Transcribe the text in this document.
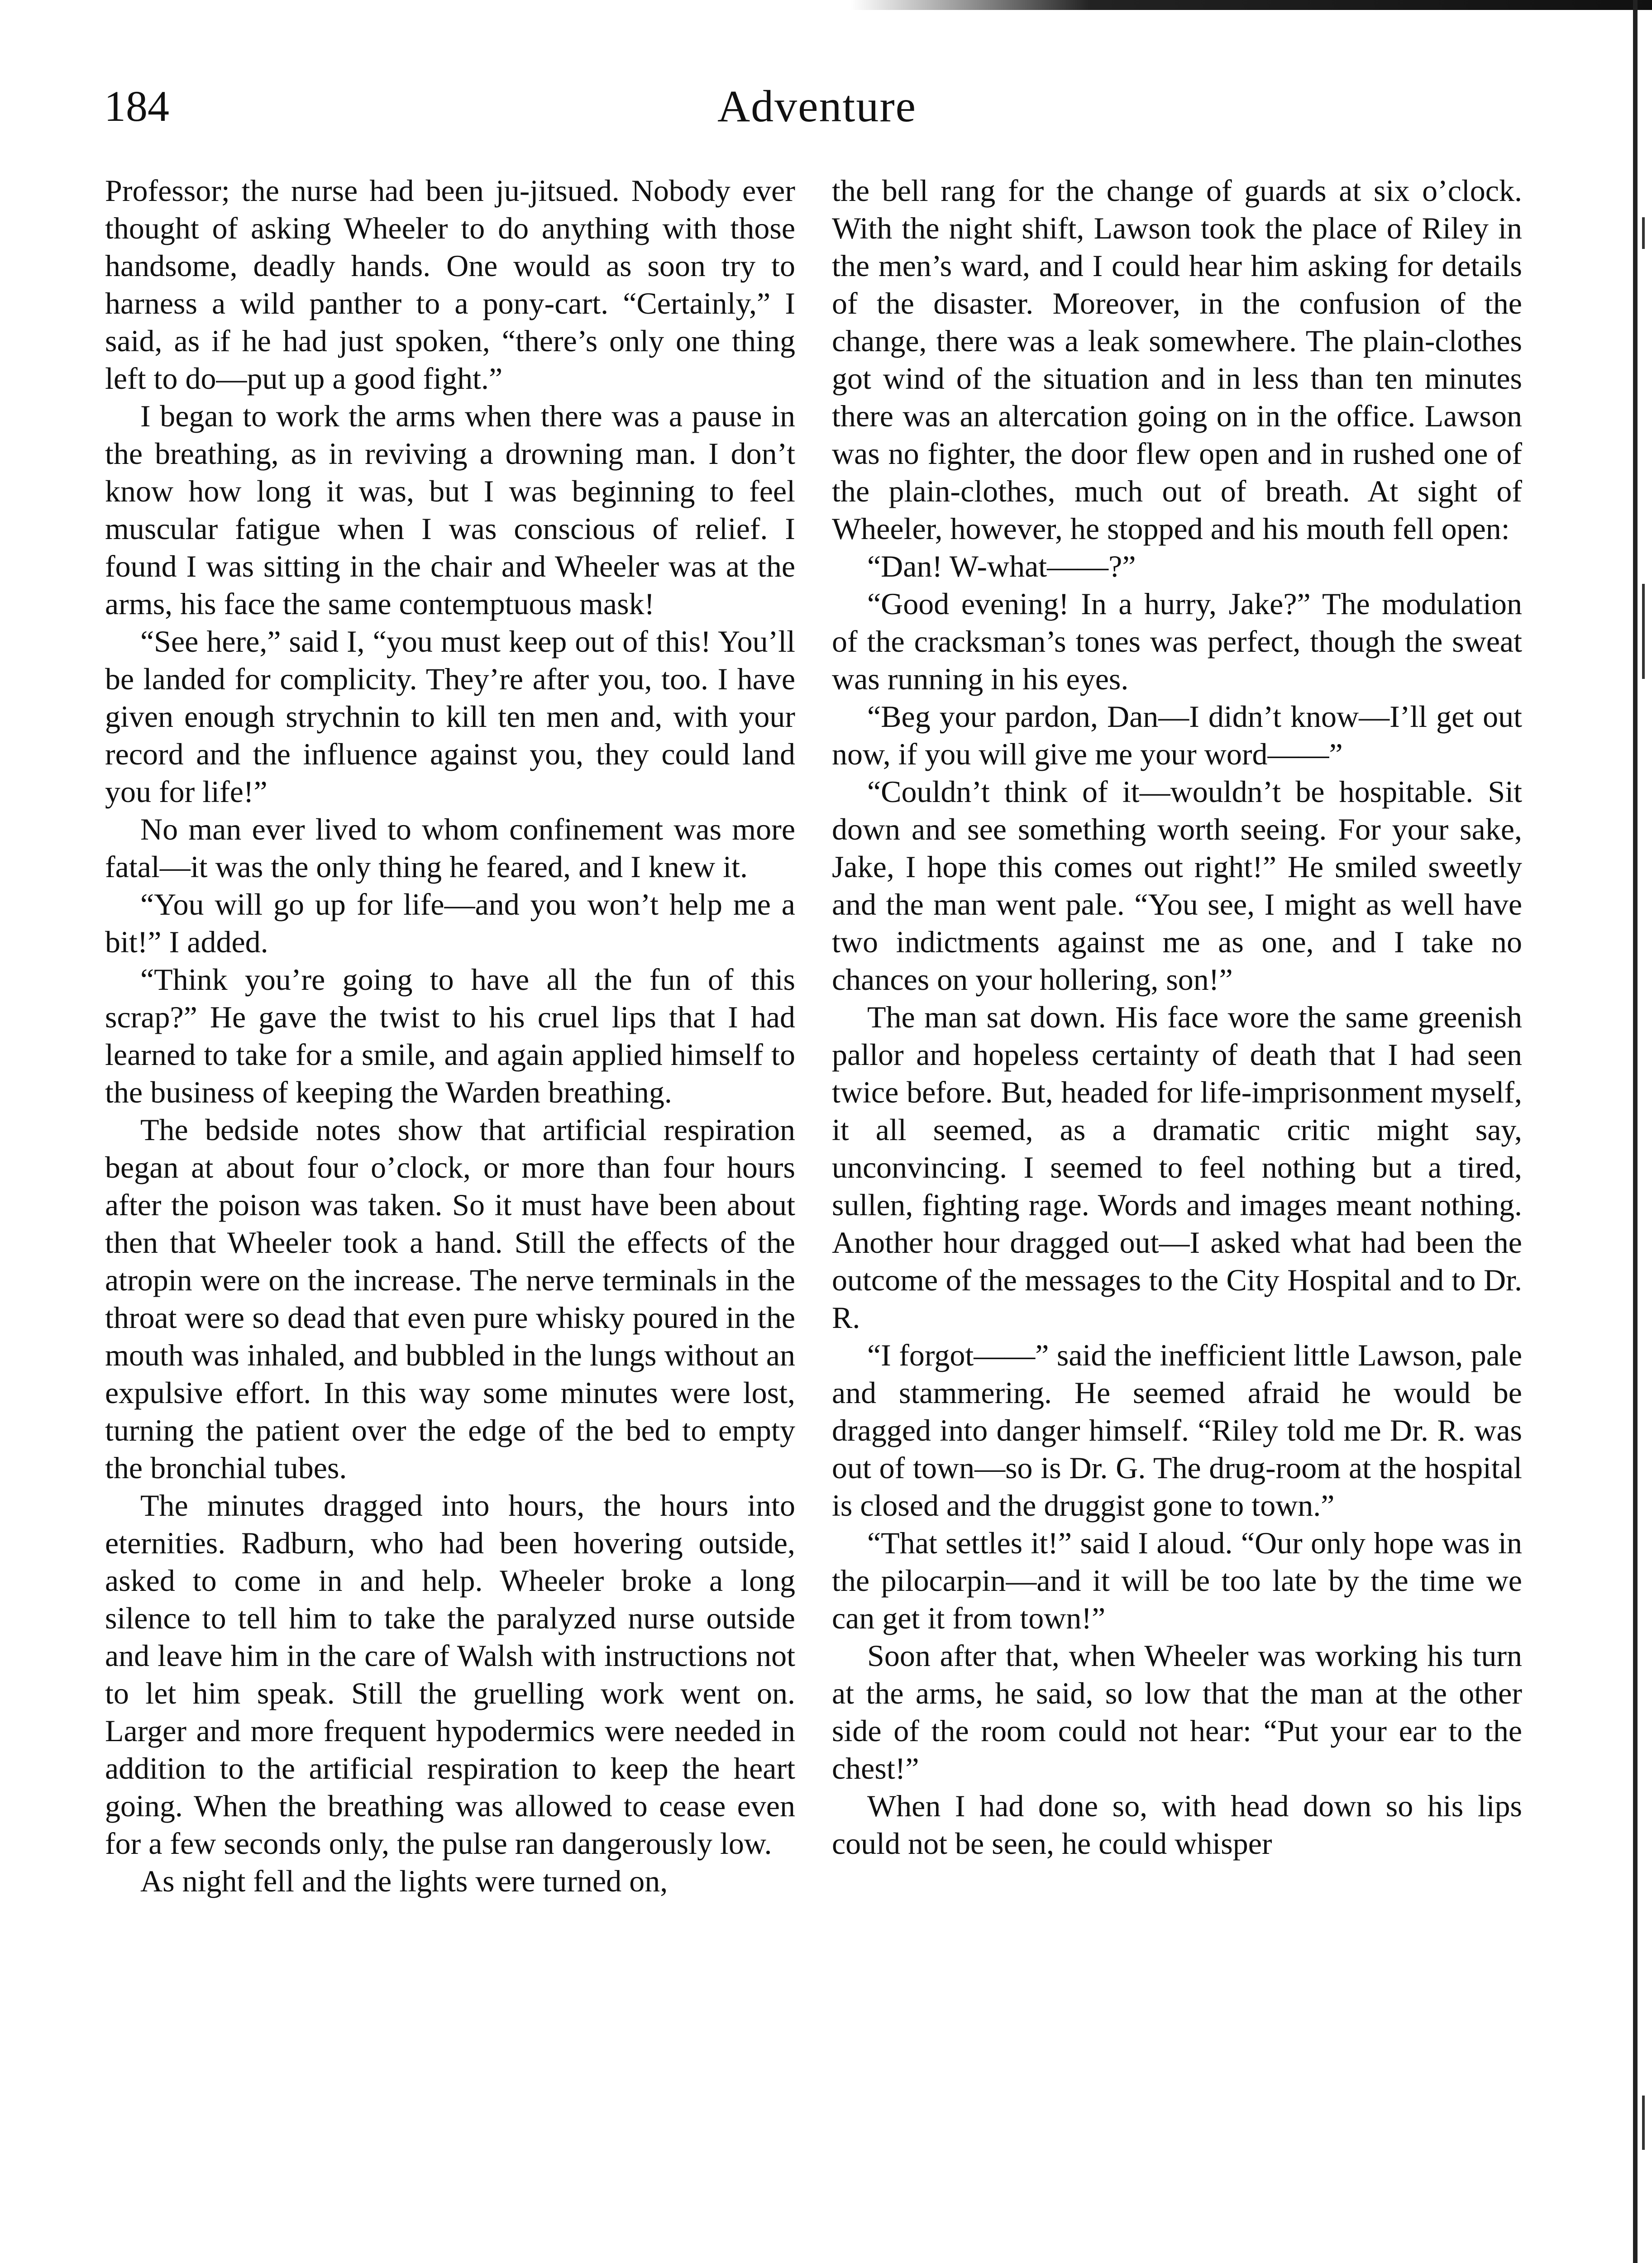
184	Adventure

Professor; the nurse had been ju-jitsued. Nobody ever thought of asking Wheeler to do anything with those handsome, deadly hands. One would as soon try to harness a wild panther to a pony-cart. “Certainly,” I said, as if he had just spoken, “there’s only one thing left to do—put up a good fight.”

I began to work the arms when there was a pause in the breathing, as in reviving a drowning man. I don’t know how long it was, but I was beginning to feel muscular fatigue when I was conscious of relief. I found I was sitting in the chair and Wheeler was at the arms, his face the same contemptuous mask!

“See here,” said I, “you must keep out of this! You’ll be landed for complicity. They’re after you, too. I have given enough strychnin to kill ten men and, with your record and the influence against you, they could land you for life!”

No man ever lived to whom confinement was more fatal—it was the only thing he feared, and I knew it.

“You will go up for life—and you won’t help me a bit!” I added.

“Think you’re going to have all the fun of this scrap?” He gave the twist to his cruel lips that I had learned to take for a smile, and again applied himself to the business of keeping the Warden breathing.

The bedside notes show that artificial respiration began at about four o’clock, or more than four hours after the poison was taken. So it must have been about then that Wheeler took a hand. Still the effects of the atropin were on the increase. The nerve terminals in the throat were so dead that even pure whisky poured in the mouth was inhaled, and bubbled in the lungs without an expulsive effort. In this way some minutes were lost, turning the patient over the edge of the bed to empty the bronchial tubes.

The minutes dragged into hours, the hours into eternities. Radburn, who had been hovering outside, asked to come in and help. Wheeler broke a long silence to tell him to take the paralyzed nurse outside and leave him in the care of Walsh with instructions not to let him speak. Still the gruelling work went on. Larger and more frequent hypodermics were needed in addition to the artificial respiration to keep the heart going. When the breathing was allowed to cease even for a few seconds only, the pulse ran dangerously low.

As night fell and the lights were turned on,

the bell rang for the change of guards at six o’clock. With the night shift, Lawson took the place of Riley in the men’s ward, and I could hear him asking for details of the disaster. Moreover, in the confusion of the change, there was a leak somewhere. The plain-clothes got wind of the situation and in less than ten minutes there was an altercation going on in the office. Lawson was no fighter, the door flew open and in rushed one of the plain-clothes, much out of breath. At sight of Wheeler, however, he stopped and his mouth fell open:

“Dan! W-what——?”

“Good evening! In a hurry, Jake?” The modulation of the cracksman’s tones was perfect, though the sweat was running in his eyes.

“Beg your pardon, Dan—I didn’t know—I’ll get out now, if you will give me your word——”

“Couldn’t think of it—wouldn’t be hospitable. Sit down and see something worth seeing. For your sake, Jake, I hope this comes out right!” He smiled sweetly and the man went pale. “You see, I might as well have two indictments against me as one, and I take no chances on your hollering, son!”

The man sat down. His face wore the same greenish pallor and hopeless certainty of death that I had seen twice before. But, headed for life-imprisonment myself, it all seemed, as a dramatic critic might say, unconvincing. I seemed to feel nothing but a tired, sullen, fighting rage. Words and images meant nothing. Another hour dragged out—I asked what had been the outcome of the messages to the City Hospital and to Dr. R.

“I forgot——” said the inefficient little Lawson, pale and stammering. He seemed afraid he would be dragged into danger himself. “Riley told me Dr. R. was out of town—so is Dr. G. The drug-room at the hospital is closed and the druggist gone to town.”

“That settles it!” said I aloud. “Our only hope was in the pilocarpin—and it will be too late by the time we can get it from town!”

Soon after that, when Wheeler was working his turn at the arms, he said, so low that the man at the other side of the room could not hear: “Put your ear to the chest!”

When I had done so, with head down so his lips could not be seen, he could whisper
